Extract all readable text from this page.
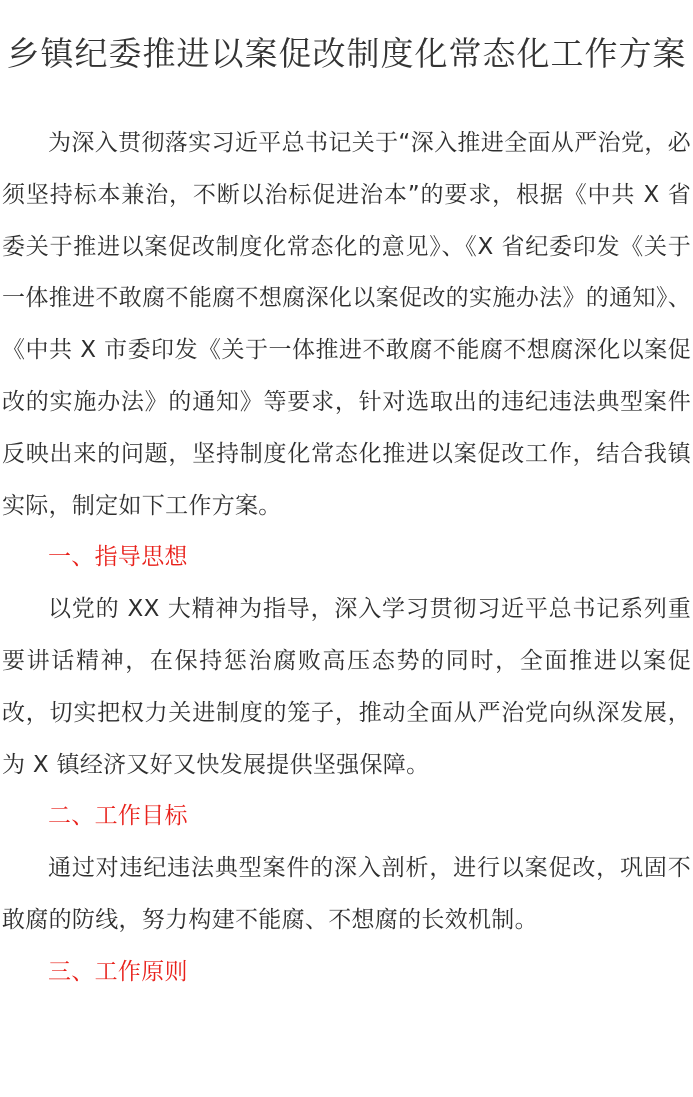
乡镇纪委推进以案促改制度化常态化工作方案

为深入贯彻落实习近平总书记关于“深入推进全面从严治党，必须坚持标本兼治，不断以治标促进治本”的要求，根据《中共 X 省委关于推进以案促改制度化常态化的意见》、《X 省纪委印发《关于一体推进不敢腐不能腐不想腐深化以案促改的实施办法》的通知》、《中共 X 市委印发《关于一体推进不敢腐不能腐不想腐深化以案促改的实施办法》的通知》等要求，针对选取出的违纪违法典型案件反映出来的问题，坚持制度化常态化推进以案促改工作，结合我镇实际，制定如下工作方案。

一、指导思想

以党的 XX 大精神为指导，深入学习贯彻习近平总书记系列重要讲话精神，在保持惩治腐败高压态势的同时，全面推进以案促改，切实把权力关进制度的笼子，推动全面从严治党向纵深发展，为 X 镇经济又好又快发展提供坚强保障。

二、工作目标

通过对违纪违法典型案件的深入剖析，进行以案促改，巩固不敢腐的防线，努力构建不能腐、不想腐的长效机制。

三、工作原则
